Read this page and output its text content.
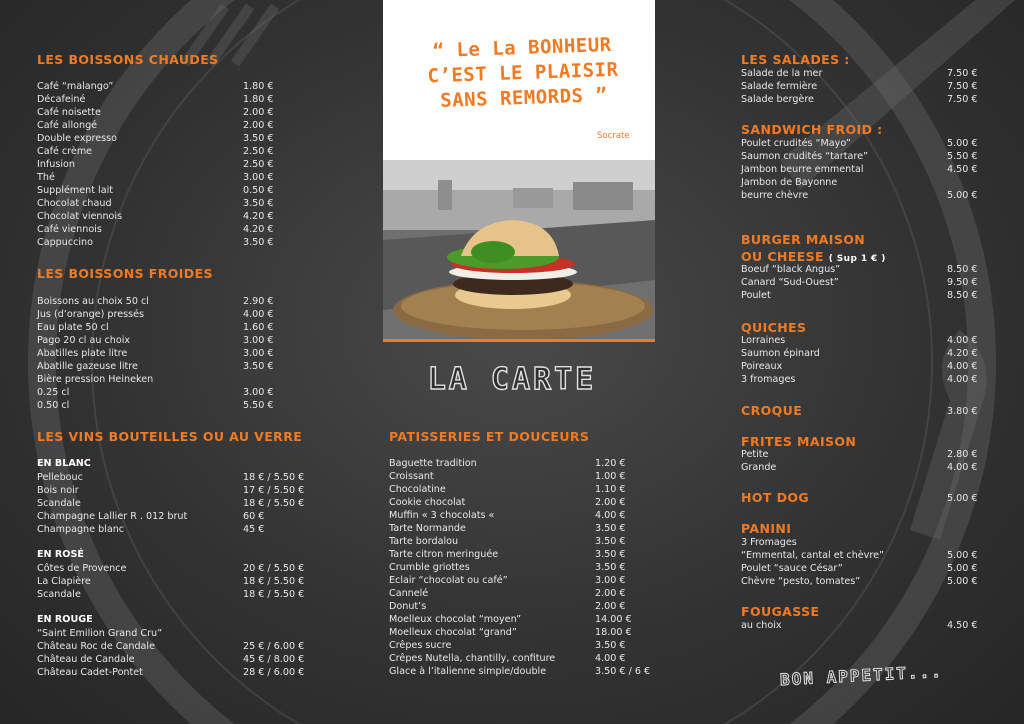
LES BOISSONS CHAUDES
Café “malango”	1.80 €
Décafeiné	1.80 €
Café noisette	2.00 €
Café allongé	2.00 €
Double expresso	3.50 €
Café crème	2.50 €
Infusion	2.50 €
Thé	3.00 €
Supplément lait	0.50 €
Chocolat chaud	3.50 €
Chocolat viennois	4.20 €
Café viennois	4.20 €
Cappuccino	3.50 €
LES BOISSONS FROIDES
Boissons au choix 50 cl	2.90 €
Jus (d’orange) pressés	4.00 €
Eau plate 50 cl	1.60 €
Pago 20 cl au choix	3.00 €
Abatilles plate litre	3.00 €
Abatille gazeuse litre	3.50 €
Bière pression Heineken
0.25 cl	3.00 €
0.50 cl	5.50 €
LES VINS BOUTEILLES OU AU VERRE
EN BLANC
Pellebouc	18 € / 5.50 €
Bois noir	17 € / 5.50 €
Scandale	18 € / 5.50 €
Champagne Lallier R . 012 brut	60 €
Champagne blanc	45 €
EN ROSÉ
Côtes de Provence	20 € / 5.50 €
La Clapière	18 € / 5.50 €
Scandale	18 € / 5.50 €
EN ROUGE
“Saint Emilion Grand Cru”
Château Roc de Candale	25 € / 6.00 €
Château de Candale	45 € / 8.00 €
Château Cadet-Pontet	28 € / 6.00 €
“ Le La BONHEUR
C’EST LE PLAISIR
SANS REMORDS ”
Socrate
LA CARTE
PATISSERIES ET DOUCEURS
Baguette tradition	1.20 €
Croissant	1.00 €
Chocolatine	1.10 €
Cookie chocolat	2.00 €
Muffin « 3 chocolats «	4.00 €
Tarte Normande	3.50 €
Tarte bordalou	3.50 €
Tarte citron meringuée	3.50 €
Crumble griottes	3.50 €
Eclair “chocolat ou café”	3.00 €
Cannelé	2.00 €
Donut’s	2.00 €
Moelleux chocolat “moyen”	14.00 €
Moelleux chocolat “grand”	18.00 €
Crêpes sucre	3.50 €
Crêpes Nutella, chantilly, confiture	4.00 €
Glace à l’italienne simple/double	3.50 € / 6 €
LES SALADES :
Salade de la mer	7.50 €
Salade fermière	7.50 €
Salade bergère	7.50 €
SANDWICH FROID :
Poulet crudités “Mayo”	5.00 €
Saumon crudités “tartare”	5.50 €
Jambon beurre emmental	4.50 €
Jambon de Bayonne
beurre chèvre	5.00 €
BURGER MAISON
OU CHEESE ( Sup 1 € )
Boeuf “black Angus”	8.50 €
Canard “Sud-Ouest”	9.50 €
Poulet	8.50 €
QUICHES
Lorraines	4.00 €
Saumon épinard	4.20 €
Poireaux	4.00 €
3 fromages	4.00 €
CROQUE	3.80 €
FRITES MAISON
Petite	2.80 €
Grande	4.00 €
HOT DOG	5.00 €
PANINI
3 Fromages
“Emmental, cantal et chèvre”	5.00 €
Poulet “sauce César”	5.00 €
Chèvre “pesto, tomates”	5.00 €
FOUGASSE
au choix	4.50 €
BON APPETIT...
